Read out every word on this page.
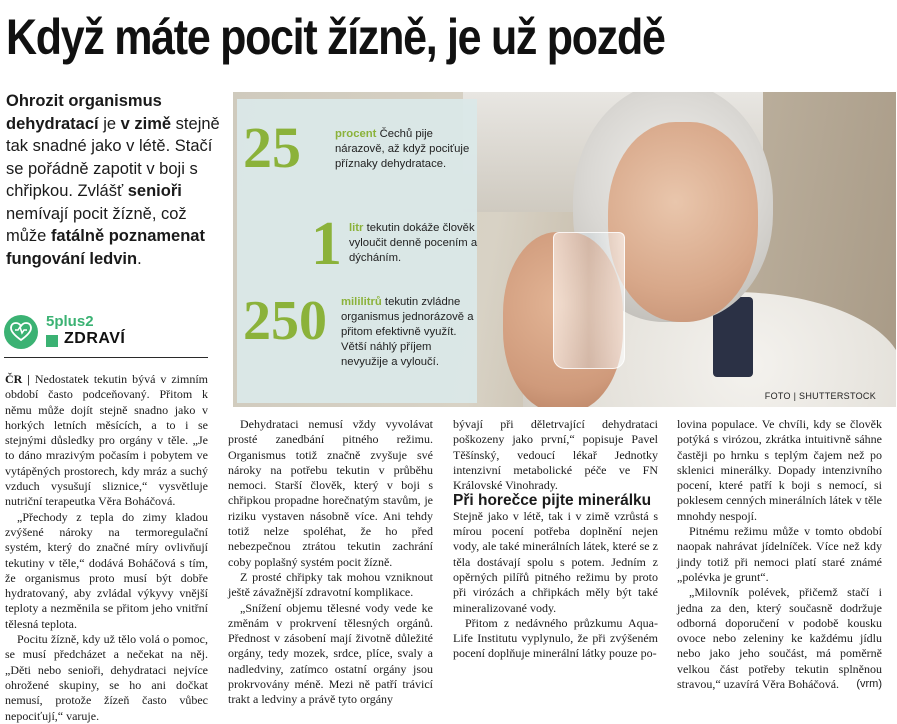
Když máte pocit žízně, je už pozdě

Ohrozit organismus dehydratací je v zimě stejně tak snadné jako v létě. Stačí se pořádně zapotit v boji s chřipkou. Zvlášť senioři nemívají pocit žízně, což může fatálně poznamenat fungování ledvin.

5plus2
ZDRAVÍ
FOTO | SHUTTERSTOCK
25	procent Čechů pije nárazově, až když pociťuje příznaky dehydratace.
1 litr tekutin dokáže člověk vyloučit denně pocením a dýcháním.
250 mililitrů tekutin zvládne organismus jednorázově a přitom efektivně využít. Větší náhlý příjem nevyužije a vyloučí.

ČR | Nedostatek tekutin bývá v zimním období často podceňovaný. Přitom k němu může dojít stejně snadno jako v horkých letních měsících, a to i se stejnými důsledky pro orgány v těle. „Je to dáno mrazivým počasím i pobytem ve vytápěných prostorech, kdy mráz a suchý vzduch vysušují sliznice,“ vysvětluje nutriční terapeutka Věra Boháčová.

„Přechody z tepla do zimy kladou zvýšené nároky na termoregulační systém, který do značné míry ovlivňují tekutiny v těle,“ dodává Boháčová s tím, že organismus proto musí být dobře hydratovaný, aby zvládal výkyvy vnější teploty a nezměnila se přitom jeho vnitřní tělesná teplota.

Pocitu žízně, kdy už tělo volá o pomoc, se musí předcházet a nečekat na něj. „Děti nebo senioři, dehydrataci nejvíce ohrožené skupiny, se ho ani dočkat nemusí, protože žízeň často vůbec nepociťují,“ varuje.

Dehydrataci nemusí vždy vyvolávat prosté zanedbání pitného režimu. Organismus totiž značně zvyšuje své nároky na potřebu tekutin v průběhu nemoci. Starší člověk, který v boji s chřipkou propadne horečnatým stavům, je riziku vystaven násobně více. Ani tehdy totiž nelze spoléhat, že ho před nebezpečnou ztrátou tekutin zachrání coby poplašný systém pocit žízně.

Z prosté chřipky tak mohou vzniknout ještě závažnější zdravotní komplikace.

„Snížení objemu tělesné vody vede ke změnám v prokrvení tělesných orgánů. Přednost v zásobení mají životně důležité orgány, tedy mozek, srdce, plíce, svaly a nadledviny, zatímco ostatní orgány jsou prokrvovány méně. Mezi ně patří trávicí trakt a ledviny a právě tyto orgány

bývají při děletrvající dehydrataci poškozeny jako první,“ popisuje Pavel Těšínský, vedoucí lékař Jednotky intenzivní metabolické péče ve FN Královské Vinohrady.

Při horečce pijte minerálku

Stejně jako v létě, tak i v zimě vzrůstá s mírou pocení potřeba doplnění nejen vody, ale také minerálních látek, které se z těla dostávají spolu s potem. Jedním z opěrných pilířů pitného režimu by proto při virózách a chřipkách měly být také mineralizované vody.

Přitom z nedávného průzkumu Aqua-Life Institutu vyplynulo, že při zvýšeném pocení doplňuje minerální látky pouze po-

lovina populace. Ve chvíli, kdy se člověk potýká s virózou, zkrátka intuitivně sáhne častěji po hrnku s teplým čajem než po sklenici minerálky. Dopady intenzivního pocení, které patří k boji s nemocí, si poklesem cenných minerálních látek v těle mnohdy nespojí.

Pitnému režimu může v tomto období naopak nahrávat jídelníček. Více než kdy jindy totiž při nemoci platí staré známé „polévka je grunt“.

„Milovník polévek, přičemž stačí i jedna za den, který současně dodržuje odborná doporučení v podobě kousku ovoce nebo zeleniny ke každému jídlu nebo jako jeho součást, má poměrně velkou část potřeby tekutin splněnou stravou,“ uzavírá Věra Boháčová.	(vrm)
